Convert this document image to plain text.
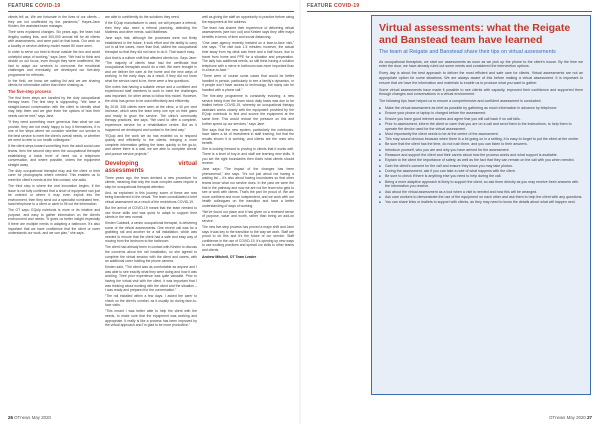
FEATURE COVID-19	FEATURE COVID-19

clients tell us. We are fortunate in the lives of our clients – they are not unaffected by the pandemic,” Hayes-Jane Kirsten, the assistant team manager.

Their sees explained changes. Six years ago, the team had lengthy waiting lists, and 300,000 annual bill for all clients with assessments, and were paid on that basis. Our work on a locality or service-delivery model meant 80 more seen.

In order to serve our best to those outside the box and avoid unhelpful ways of working,” says Jane. “We had to think and decide on our focus, even though they were unaffected. We had to adapt our services to overcome the emotional challenges and eventually, we developed our five-step programme for referrals.

In the field, we know we waiting list and we are sharing clients for information rather than them chasing us.

The five-step process

The first three steps are handled by the duty occupational therapy team. The first step is signposting. “We have a straight-based conversation with the client to identify what may help them and we give them the options of how their needs can be met,” says Jane.

“If they need something more generous than what we can provide, they are not really happy to buy it themselves, it is one of the steps where we consider whether our service is the best service to meet the client's overall needs, or whether we need to refer to our health colleagues.”

If the client steps toward something from the adult social care teams, then the second step sees the occupational therapist establishing a basic level of need via a telephone conversation, and where possible, orders the equipment straight away.

The duty occupational therapist may ask the client or their carer for photographs where needed. This enables us to meet the client's needs at the first contact, she adds.

The third step is where the real innovation begins. If the issue is not fully confirmed that a short of equipment can just be ordered or where it may even exploit into the environment, then they send out a specialist nominated free-hand telephone to a client or carer to fill out the information.

The OT says: EQuip notebook is more or its intuitive and purpose, and easy to gather information on the client's environment and needs. “It gives us better insight especially if there are multiple needs in adapting a bathroom. It's also important that we have confidence that the client or carer understands our work, and we can plan,” she says.

are able to confidently do the solutions they need.

If the EQuip manufacturer is used, we will prepare a referral, then they also need a referral planning, attending the Mattress and other needs, said Matthews.

Jane says that, although the processes were not firmly established in the future, it took effort and the ability to carry out in all the cases, more than that, skilled the occupational therapist so that they did not have to do it. That wasn't easy.

And that is a culture shift that affected clients too. Says Jane: “The majority of clients have had the certificate that occupational therapists would do a visit. We were brought in and we deliver the care at the home and the new ways of working. In the early days, as a result, if they did not know what the service used to be, there were a few questions.

She notes that having a suitable venue and a confident and experienced staff members to work to meet the challenges was important, for other areas to follow this model. However, the clinic has grown to be used effectively and efficiently.

By 2018, 338 clients were seen at the clinic, a 40 per cent increase, which sees the team keep one eye on their gains and ready to grow the service. The clinic's community therapy practices, she says. “We used to offer a complete-experience service for a rehabilitation centre. But as it happened we developed and worked in the best way.”

“EQuip and the work we do has enabled us to respond quickly and efficiently to the clients, bringing a more complete information getting the team quickly to the go-to, and where there is a wait, we are able to complete clients' and pursue service projects.”

Developing virtual assessments

Three years ago, the team devised a new procedure for clients, meaning that only the most complex cases require a step for occupational therapist attention.

And, as explained in this journey, some of these are now being transferred to the virtual. The team consolidated a brief virtual assessment as a result of the restrictions COVID-19.

But the arrival of COVID-19 meant that the team needed to use those skills and was quick to adapt to support their clients in the new normal.

Kirsten Caldwell, a senior occupational therapist, is delivering some of the virtual assessments. One recent call was for a grabbing rail and another for a rail installation, which was needed to ensure that the client had a safe and easy way of moving from the bedroom to the bathroom.

The client had already been in contact with Kirsten to discuss the concerns about the rail installation, so she agreed to complete the virtual session with the client and carers, with an additional carer holding the phone camera.

Kirsten said, “The client was as comfortable as anyone and I was able to see exactly what they were doing and how it was working. Their prior experience was quite valuable. Prior to having the virtual visit with the client, it was important that I was thinking about working with the client and the situation – I was ready and prepared for the conversation.”

“The rail installed within a few days. I asked the carer to check on the client's comfort, as it usually do during face-to-face visits.

“This meant I was better able to help the client with the needs, to make sure that the equipment was working and appropriate. It really is like a process has been improved by the virtual approach and I'm glad to be more productive.”

well as giving the staff an opportunity to practice before using the equipment at the address.

The team has shared their experience of delivering virtual assessments (see box out) and Kirsten says they offer major benefits in terms of time and social distancing.

“One case agency recently insisted on a face-to-face visit,” she says. “The visit took 1.5 minutes; however, the actual time away from my desk was three and a half hours, due to travel from home and PPE for a situation and preparation. The lady has additional needs, so still think having a solution telephone with a mirror in bathroom was more important than in a face-to-face.”

“There were of course some cases that would be better handled in person, particularly to see a family's dynamics, or if people don't have access to technology, but many can be handled with a phone call.”

The five-step programme is constantly evolving; a new service being from the team stock daily basis was due to be trialled before COVID-19, whereby an occupational therapy assistant works closely with the equipment provided by the EQuip notebook to find and source the equipment at the same time. This would reduce the pressure on this and further speed up our services,” says Jane.

She says that the new system, particularly the notebooks, have taken a lot of investment in staff training, but that the results shown it is working, and clients are the ones who benefit.

She is looking forward to proving to clients that it works well. There is a level of buy-in and staff are learning new skills. If you set the right boundaries then that's what clients should receive.

Jane says: “The impact of the changes has been phenomenal,” she says. “It's not just about not having a waiting list – it's also about having boundaries so that other teams know what our service does. In the past we were the first in the pathway and now we are not the team who gets to see or work with clients. That's the part I'm proud of. We are more confident and more independent, and we work with our health colleagues on the transition and have a better understanding of ways of working.

“We've found our place and it has given us a renewed sense of purpose, value and worth, rather than being an add-on service.

The new five-step process has proved a major shift and Jane says it was key to the transition to the way we work. Staff are proud to do this and it's the future of our service. Staff confidence in the use of COVID-19, it's opening up new ways to use working practices and spread our skills to other teams and clients.

Andrew Mitchell, OT Team Leader

Virtual assessments: what the Reigate and Banstead team have learned
The team at Reigate and Banstead share their tips on virtual assessments

As occupational therapists, we start our assessments as soon as we pick up the phone to the client's house. By the time we enter the door, we have already ruled out some needs and considered the intervention options.

Every day is about the best approach to deliver the most efficient and safe care for clients. Virtual assessments are not an appropriate option for some situations. We are always aware of this before making a virtual assessment. It is important to ensure that we have the information and materials to enable us to produce what you want to gather.

Some virtual assessments have made it possible to see clients with capacity, improved their confidence and supported them through changes and conversations in a virtual environment.

The following tips have helped us to ensure a comprehensive and confident assessment is conducted:

■ Make the virtual assessment as brief as possible by gathering as much information in advance by telephone.
■ Ensure your phone or laptop is charged before the assessment.
■ Ensure you have good internet access and agree that you will call back if no call falls.
■ Prior to assessment, inform the client or carer that you are on a call and send them to the instructions, to help them to operate the device used for the virtual assessment.
■ Most importantly the client needs to be at the centre of the assessment.
■ This may sound obvious because when there is a lot going on in a setting, it is easy to forget to put the client at the centre.
■ Be sure that the client has the time, do not rush them, and you can listen to their answers.
■ Introduce yourself, who you are and why you have arrived for the assessment.
■ Reassure and support the client and their carers about how the process works and what support is available.
■ Explain to the client the importance of safety, as well as the fact that they can remain on the call with you when needed.
■ Gain the client's consent for the call and ensure they know you may take photos.
■ During the assessment, ask if you can take a note of what happens with the client.
■ Be sure to check if there is anything else you need to help during the call.
■ Being a more adaptive approach is likely to support the client, so ask them directly as you may receive fresh answers with the information you receive.
■ Ask about the virtual assessment as a tool when a visit is needed and how this will be arranged.
■ Ask care workers to demonstrate the use of the equipment on each other and ask them to help the client with any questions.
■ You can share links or leaflets to support with clients, as they may need to know the details about what will happen next.
26 OTnews May 2020	OTnews May 2020 27
